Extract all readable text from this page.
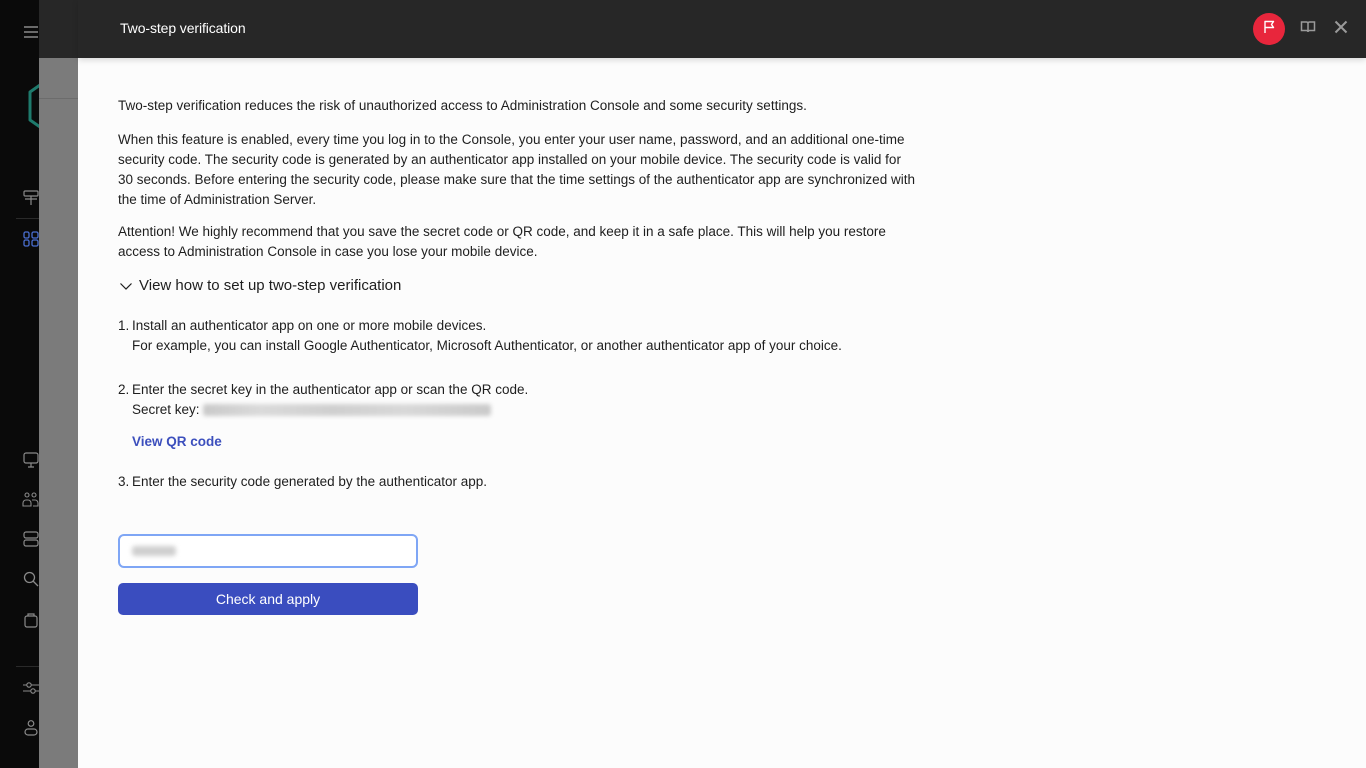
Two-step verification

Two-step verification reduces the risk of unauthorized access to Administration Console and some security settings.

When this feature is enabled, every time you log in to the Console, you enter your user name, password, and an additional one-time security code. The security code is generated by an authenticator app installed on your mobile device. The security code is valid for 30 seconds. Before entering the security code, please make sure that the time settings of the authenticator app are synchronized with the time of Administration Server.

Attention! We highly recommend that you save the secret code or QR code, and keep it in a safe place. This will help you restore access to Administration Console in case you lose your mobile device.

View how to set up two-step verification
1. Install an authenticator app on one or more mobile devices.
For example, you can install Google Authenticator, Microsoft Authenticator, or another authenticator app of your choice.
2. Enter the secret key in the authenticator app or scan the QR code.
Secret key:
View QR code
3. Enter the security code generated by the authenticator app.
Check and apply
